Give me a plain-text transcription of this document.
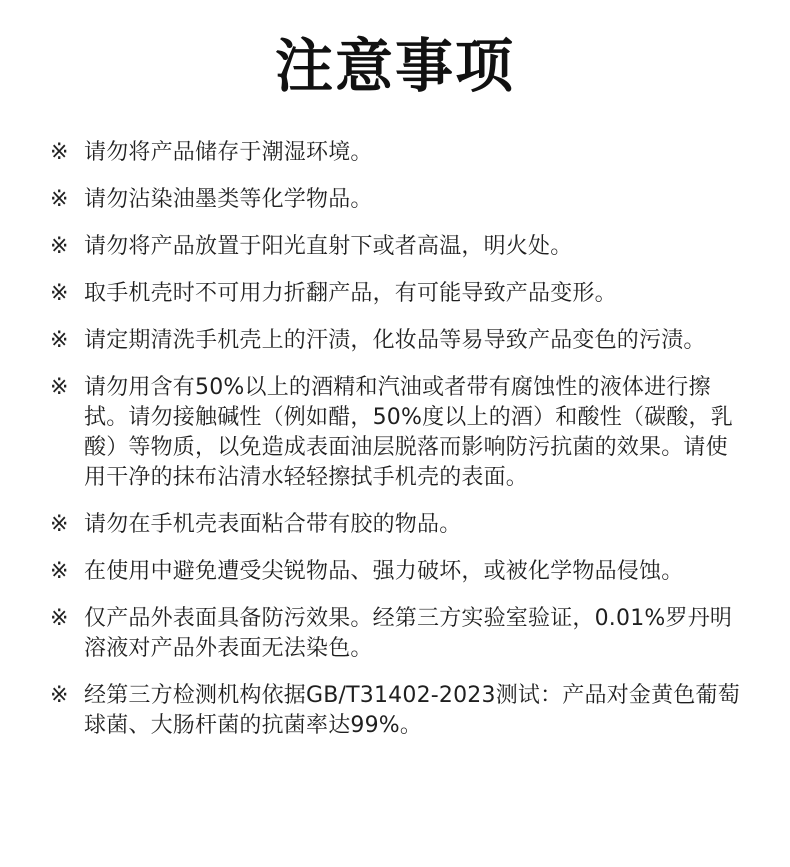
注意事项
※ 请勿将产品储存于潮湿环境。
※ 请勿沾染油墨类等化学物品。
※ 请勿将产品放置于阳光直射下或者高温，明火处。
※ 取手机壳时不可用力折翻产品，有可能导致产品变形。
※ 请定期清洗手机壳上的汗渍，化妆品等易导致产品变色的污渍。
※ 请勿用含有50%以上的酒精和汽油或者带有腐蚀性的液体进行擦拭。请勿接触碱性（例如醋，50%度以上的酒）和酸性（碳酸，乳酸）等物质，以免造成表面油层脱落而影响防污抗菌的效果。请使用干净的抹布沾清水轻轻擦拭手机壳的表面。
※ 请勿在手机壳表面粘合带有胶的物品。
※ 在使用中避免遭受尖锐物品、强力破坏，或被化学物品侵蚀。
※ 仅产品外表面具备防污效果。经第三方实验室验证，0.01%罗丹明溶液对产品外表面无法染色。
※ 经第三方检测机构依据GB/T31402-2023测试：产品对金黄色葡萄球菌、大肠杆菌的抗菌率达99%。
